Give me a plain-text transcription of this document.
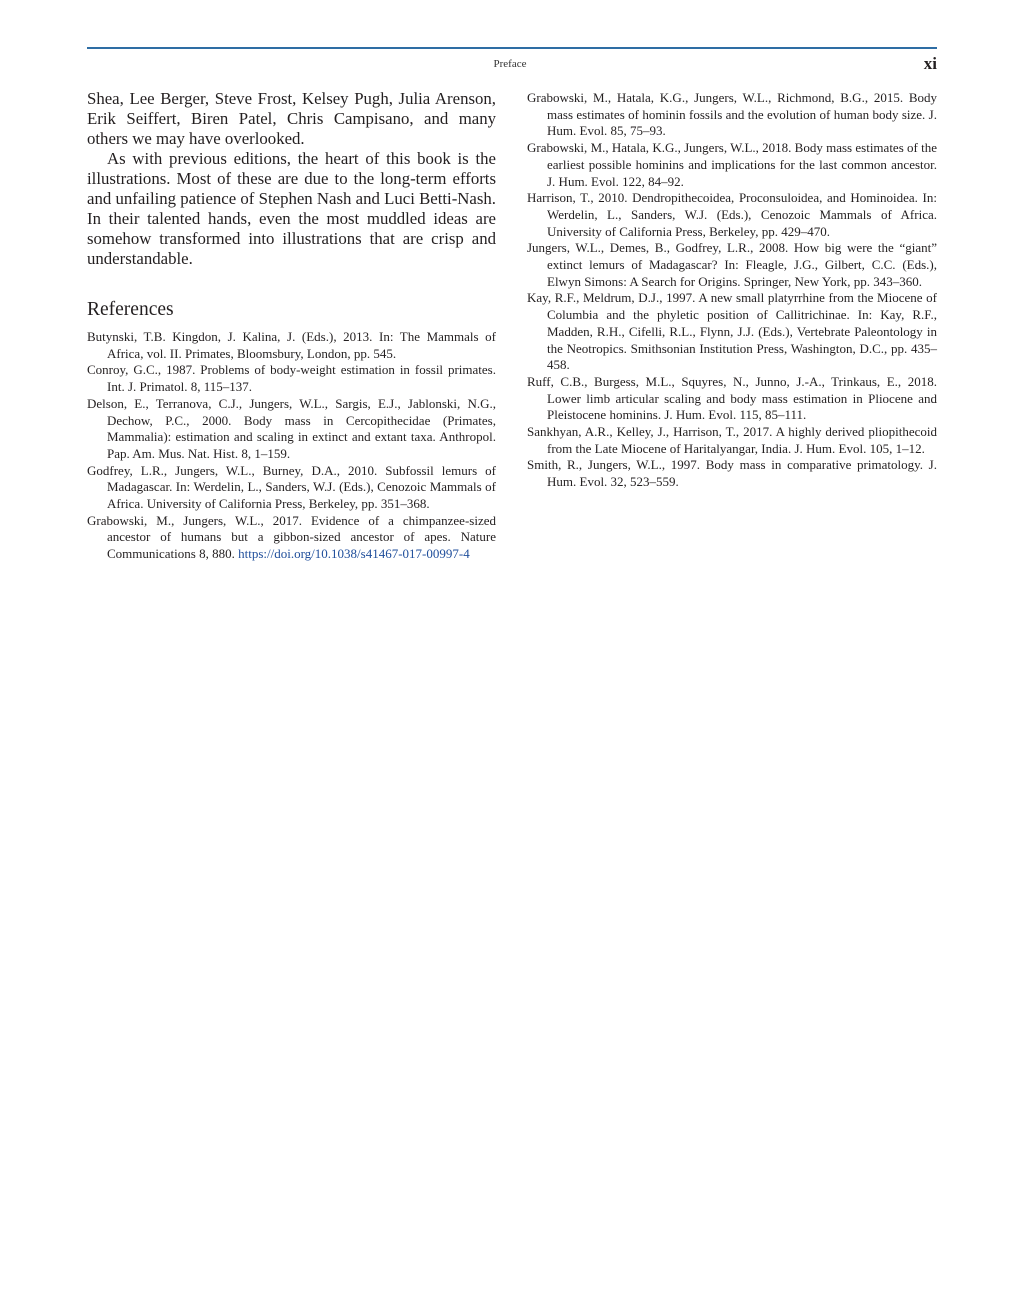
Preface	xi

Shea, Lee Berger, Steve Frost, Kelsey Pugh, Julia Arenson, Erik Seiffert, Biren Patel, Chris Campisano, and many others we may have overlooked.

As with previous editions, the heart of this book is the illustrations. Most of these are due to the long-term efforts and unfailing patience of Stephen Nash and Luci Betti-Nash. In their talented hands, even the most muddled ideas are somehow transformed into illustrations that are crisp and understandable.

References
Butynski, T.B. Kingdon, J. Kalina, J. (Eds.), 2013. In: The Mammals of Africa, vol. II. Primates, Bloomsbury, London, pp. 545.
Conroy, G.C., 1987. Problems of body-weight estimation in fossil primates. Int. J. Primatol. 8, 115–137.
Delson, E., Terranova, C.J., Jungers, W.L., Sargis, E.J., Jablonski, N.G., Dechow, P.C., 2000. Body mass in Cercopithecidae (Primates, Mammalia): estimation and scaling in extinct and extant taxa. Anthropol. Pap. Am. Mus. Nat. Hist. 8, 1–159.
Godfrey, L.R., Jungers, W.L., Burney, D.A., 2010. Subfossil lemurs of Madagascar. In: Werdelin, L., Sanders, W.J. (Eds.), Cenozoic Mammals of Africa. University of California Press, Berkeley, pp. 351–368.
Grabowski, M., Jungers, W.L., 2017. Evidence of a chimpanzee-sized ancestor of humans but a gibbon-sized ancestor of apes. Nature Communications 8, 880. https://doi.org/10.1038/s41467-017-00997-4
Grabowski, M., Hatala, K.G., Jungers, W.L., Richmond, B.G., 2015. Body mass estimates of hominin fossils and the evolution of human body size. J. Hum. Evol. 85, 75–93.
Grabowski, M., Hatala, K.G., Jungers, W.L., 2018. Body mass estimates of the earliest possible hominins and implications for the last common ancestor. J. Hum. Evol. 122, 84–92.
Harrison, T., 2010. Dendropithecoidea, Proconsuloidea, and Hominoidea. In: Werdelin, L., Sanders, W.J. (Eds.), Cenozoic Mammals of Africa. University of California Press, Berkeley, pp. 429–470.
Jungers, W.L., Demes, B., Godfrey, L.R., 2008. How big were the “giant” extinct lemurs of Madagascar? In: Fleagle, J.G., Gilbert, C.C. (Eds.), Elwyn Simons: A Search for Origins. Springer, New York, pp. 343–360.
Kay, R.F., Meldrum, D.J., 1997. A new small platyrrhine from the Miocene of Columbia and the phyletic position of Callitrichinae. In: Kay, R.F., Madden, R.H., Cifelli, R.L., Flynn, J.J. (Eds.), Vertebrate Paleontology in the Neotropics. Smithsonian Institution Press, Washington, D.C., pp. 435–458.
Ruff, C.B., Burgess, M.L., Squyres, N., Junno, J.-A., Trinkaus, E., 2018. Lower limb articular scaling and body mass estimation in Pliocene and Pleistocene hominins. J. Hum. Evol. 115, 85–111.
Sankhyan, A.R., Kelley, J., Harrison, T., 2017. A highly derived pliopithecoid from the Late Miocene of Haritalyangar, India. J. Hum. Evol. 105, 1–12.
Smith, R., Jungers, W.L., 1997. Body mass in comparative primatology. J. Hum. Evol. 32, 523–559.
